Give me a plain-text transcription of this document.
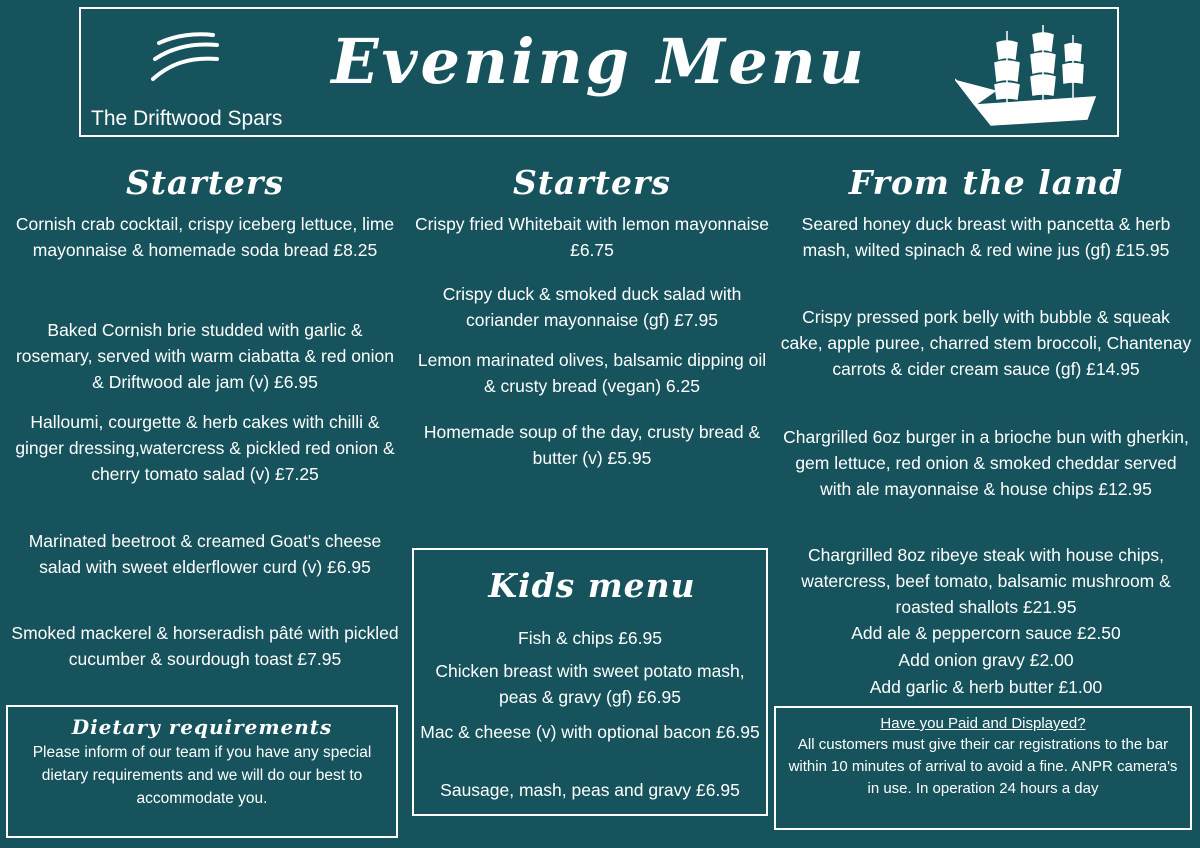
The Driftwood Spars
Evening Menu
Starters

Cornish crab cocktail, crispy iceberg lettuce, lime mayonnaise & homemade soda bread £8.25

Baked Cornish brie studded with garlic & rosemary, served with warm ciabatta & red onion & Driftwood ale jam (v) £6.95

Halloumi, courgette & herb cakes with chilli & ginger dressing,watercress & pickled red onion & cherry tomato salad (v) £7.25

Marinated beetroot & creamed Goat's cheese salad with sweet elderflower curd (v) £6.95

Smoked mackerel & horseradish pâté with pickled cucumber & sourdough toast £7.95

Starters

Crispy fried Whitebait with lemon mayonnaise £6.75

Crispy duck & smoked duck salad with coriander mayonnaise (gf) £7.95

Lemon marinated olives, balsamic dipping oil & crusty bread (vegan) 6.25

Homemade soup of the day, crusty bread & butter (v) £5.95

From the land

Seared honey duck breast with pancetta & herb mash, wilted spinach & red wine jus (gf) £15.95

Crispy pressed pork belly with bubble & squeak cake, apple puree, charred stem broccoli, Chantenay carrots & cider cream sauce (gf) £14.95

Chargrilled 6oz burger in a brioche bun with gherkin, gem lettuce, red onion & smoked cheddar served with ale mayonnaise & house chips £12.95

Chargrilled 8oz ribeye steak with house chips, watercress, beef tomato, balsamic mushroom & roasted shallots £21.95

Add ale & peppercorn sauce £2.50

Add onion gravy £2.00

Add garlic & herb butter £1.00

Kids menu

Fish & chips £6.95

Chicken breast with sweet potato mash, peas & gravy (gf) £6.95

Mac & cheese (v) with optional bacon £6.95

Sausage, mash, peas and gravy £6.95

Dietary requirements

Please inform of our team if you have any special dietary requirements and we will do our best to accommodate you.

Have you Paid and Displayed?

All customers must give their car registrations to the bar within 10 minutes of arrival to avoid a fine. ANPR camera's in use. In operation 24 hours a day
